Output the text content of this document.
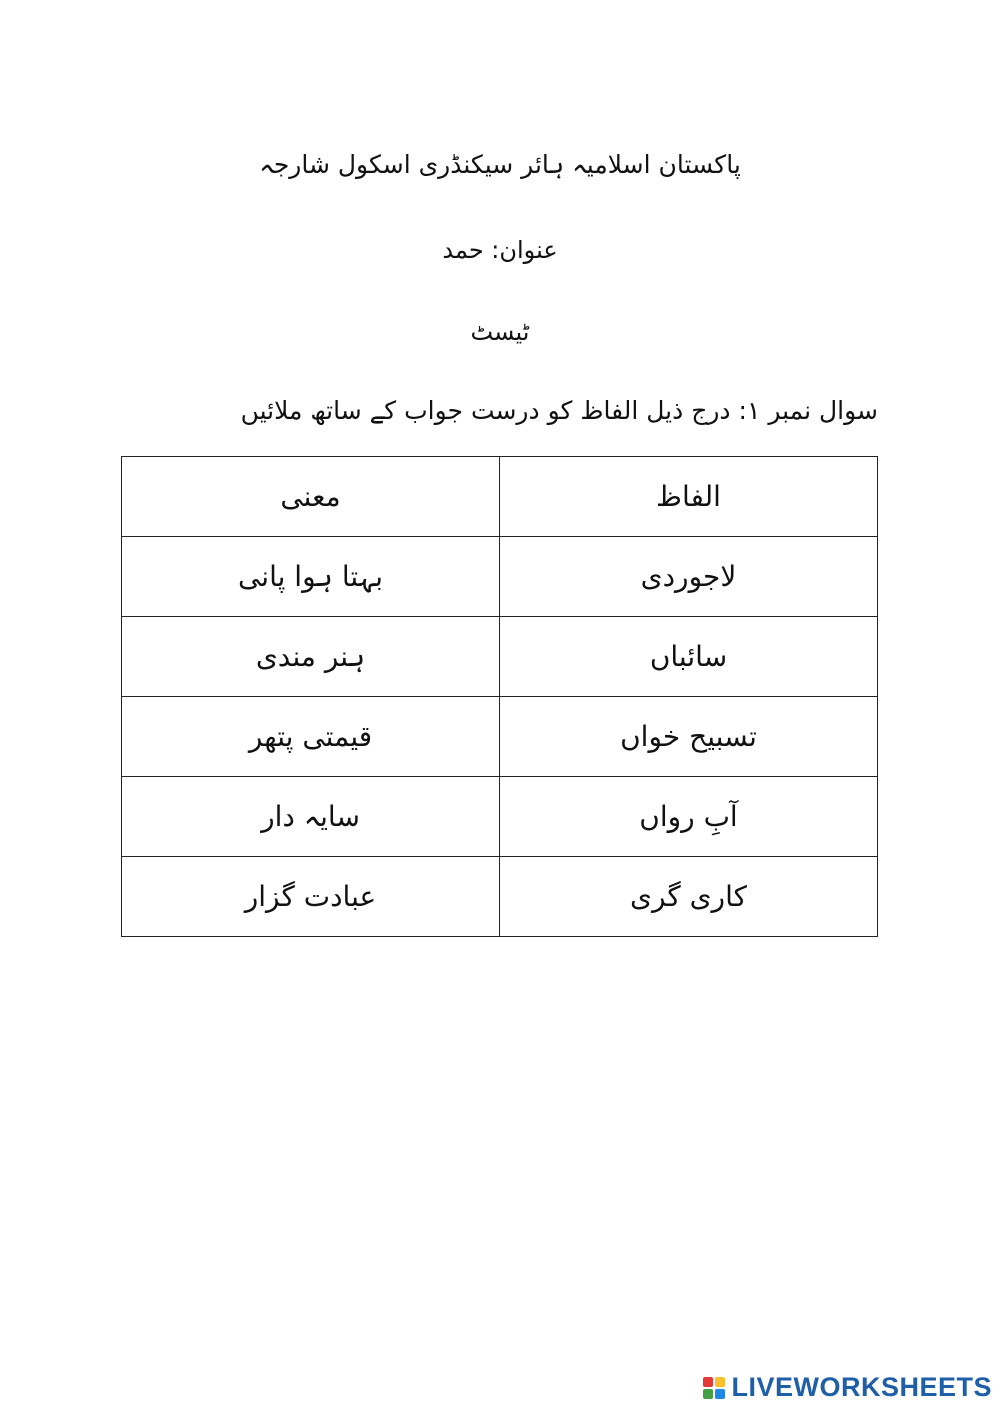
پاکستان اسلامیہ ہائر سیکنڈری اسکول شارجہ
عنوان: حمد
ٹیسٹ
سوال نمبر ۱: درج ذیل الفاظ کو درست جواب کے ساتھ ملائیں
معنی	الفاظ
بہتا ہوا پانی	لاجوردی
ہنر مندی	سائباں
قیمتی پتھر	تسبیح خواں
سایہ دار	آبِ رواں
عبادت گزار	کاری گری
LIVEWORKSHEETS
